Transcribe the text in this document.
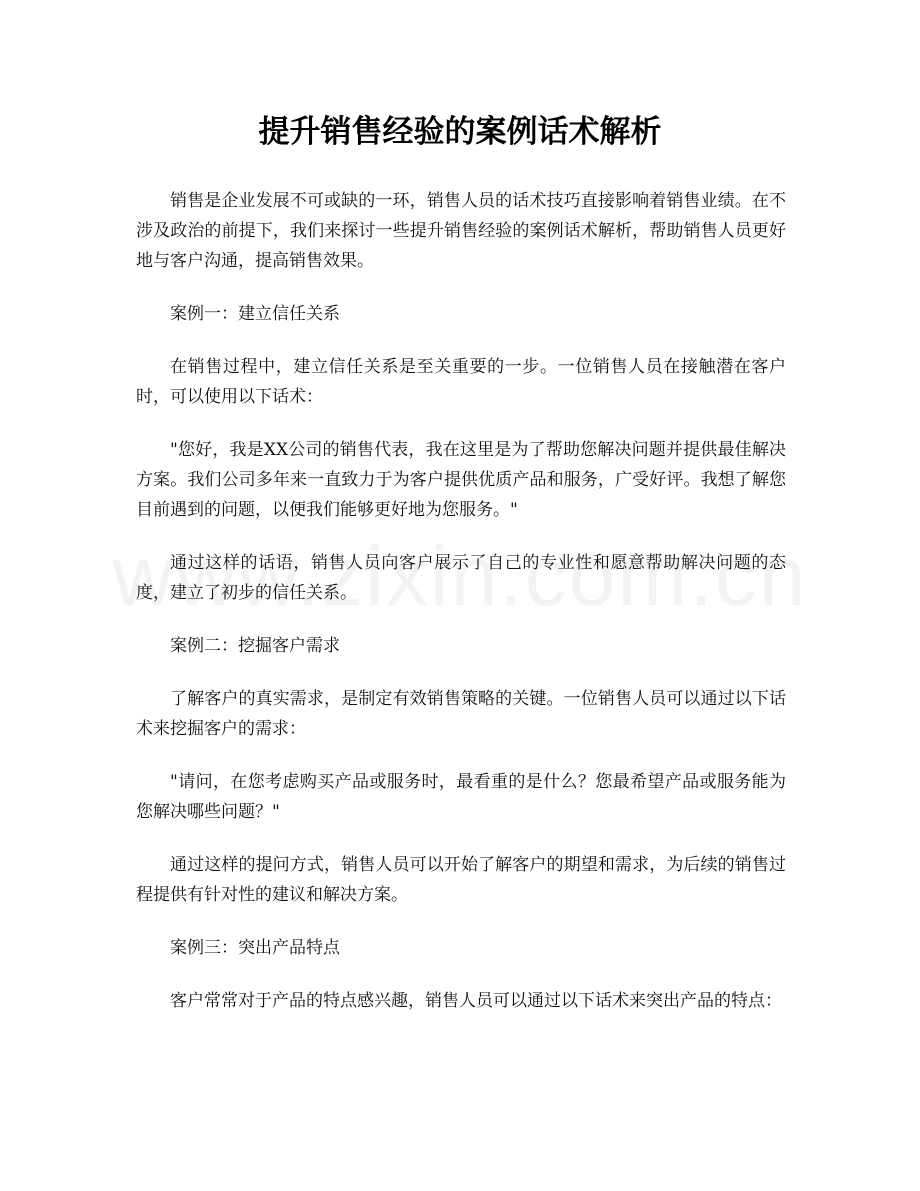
提升销售经验的案例话术解析

销售是企业发展不可或缺的一环，销售人员的话术技巧直接影响着销售业绩。在不涉及政治的前提下，我们来探讨一些提升销售经验的案例话术解析，帮助销售人员更好地与客户沟通，提高销售效果。

案例一：建立信任关系

在销售过程中，建立信任关系是至关重要的一步。一位销售人员在接触潜在客户时，可以使用以下话术：

"您好，我是XX公司的销售代表，我在这里是为了帮助您解决问题并提供最佳解决方案。我们公司多年来一直致力于为客户提供优质产品和服务，广受好评。我想了解您目前遇到的问题，以便我们能够更好地为您服务。"

通过这样的话语，销售人员向客户展示了自己的专业性和愿意帮助解决问题的态度，建立了初步的信任关系。

案例二：挖掘客户需求

了解客户的真实需求，是制定有效销售策略的关键。一位销售人员可以通过以下话术来挖掘客户的需求：

"请问，在您考虑购买产品或服务时，最看重的是什么？您最希望产品或服务能为您解决哪些问题？"

通过这样的提问方式，销售人员可以开始了解客户的期望和需求，为后续的销售过程提供有针对性的建议和解决方案。

案例三：突出产品特点

客户常常对于产品的特点感兴趣，销售人员可以通过以下话术来突出产品的特点：
